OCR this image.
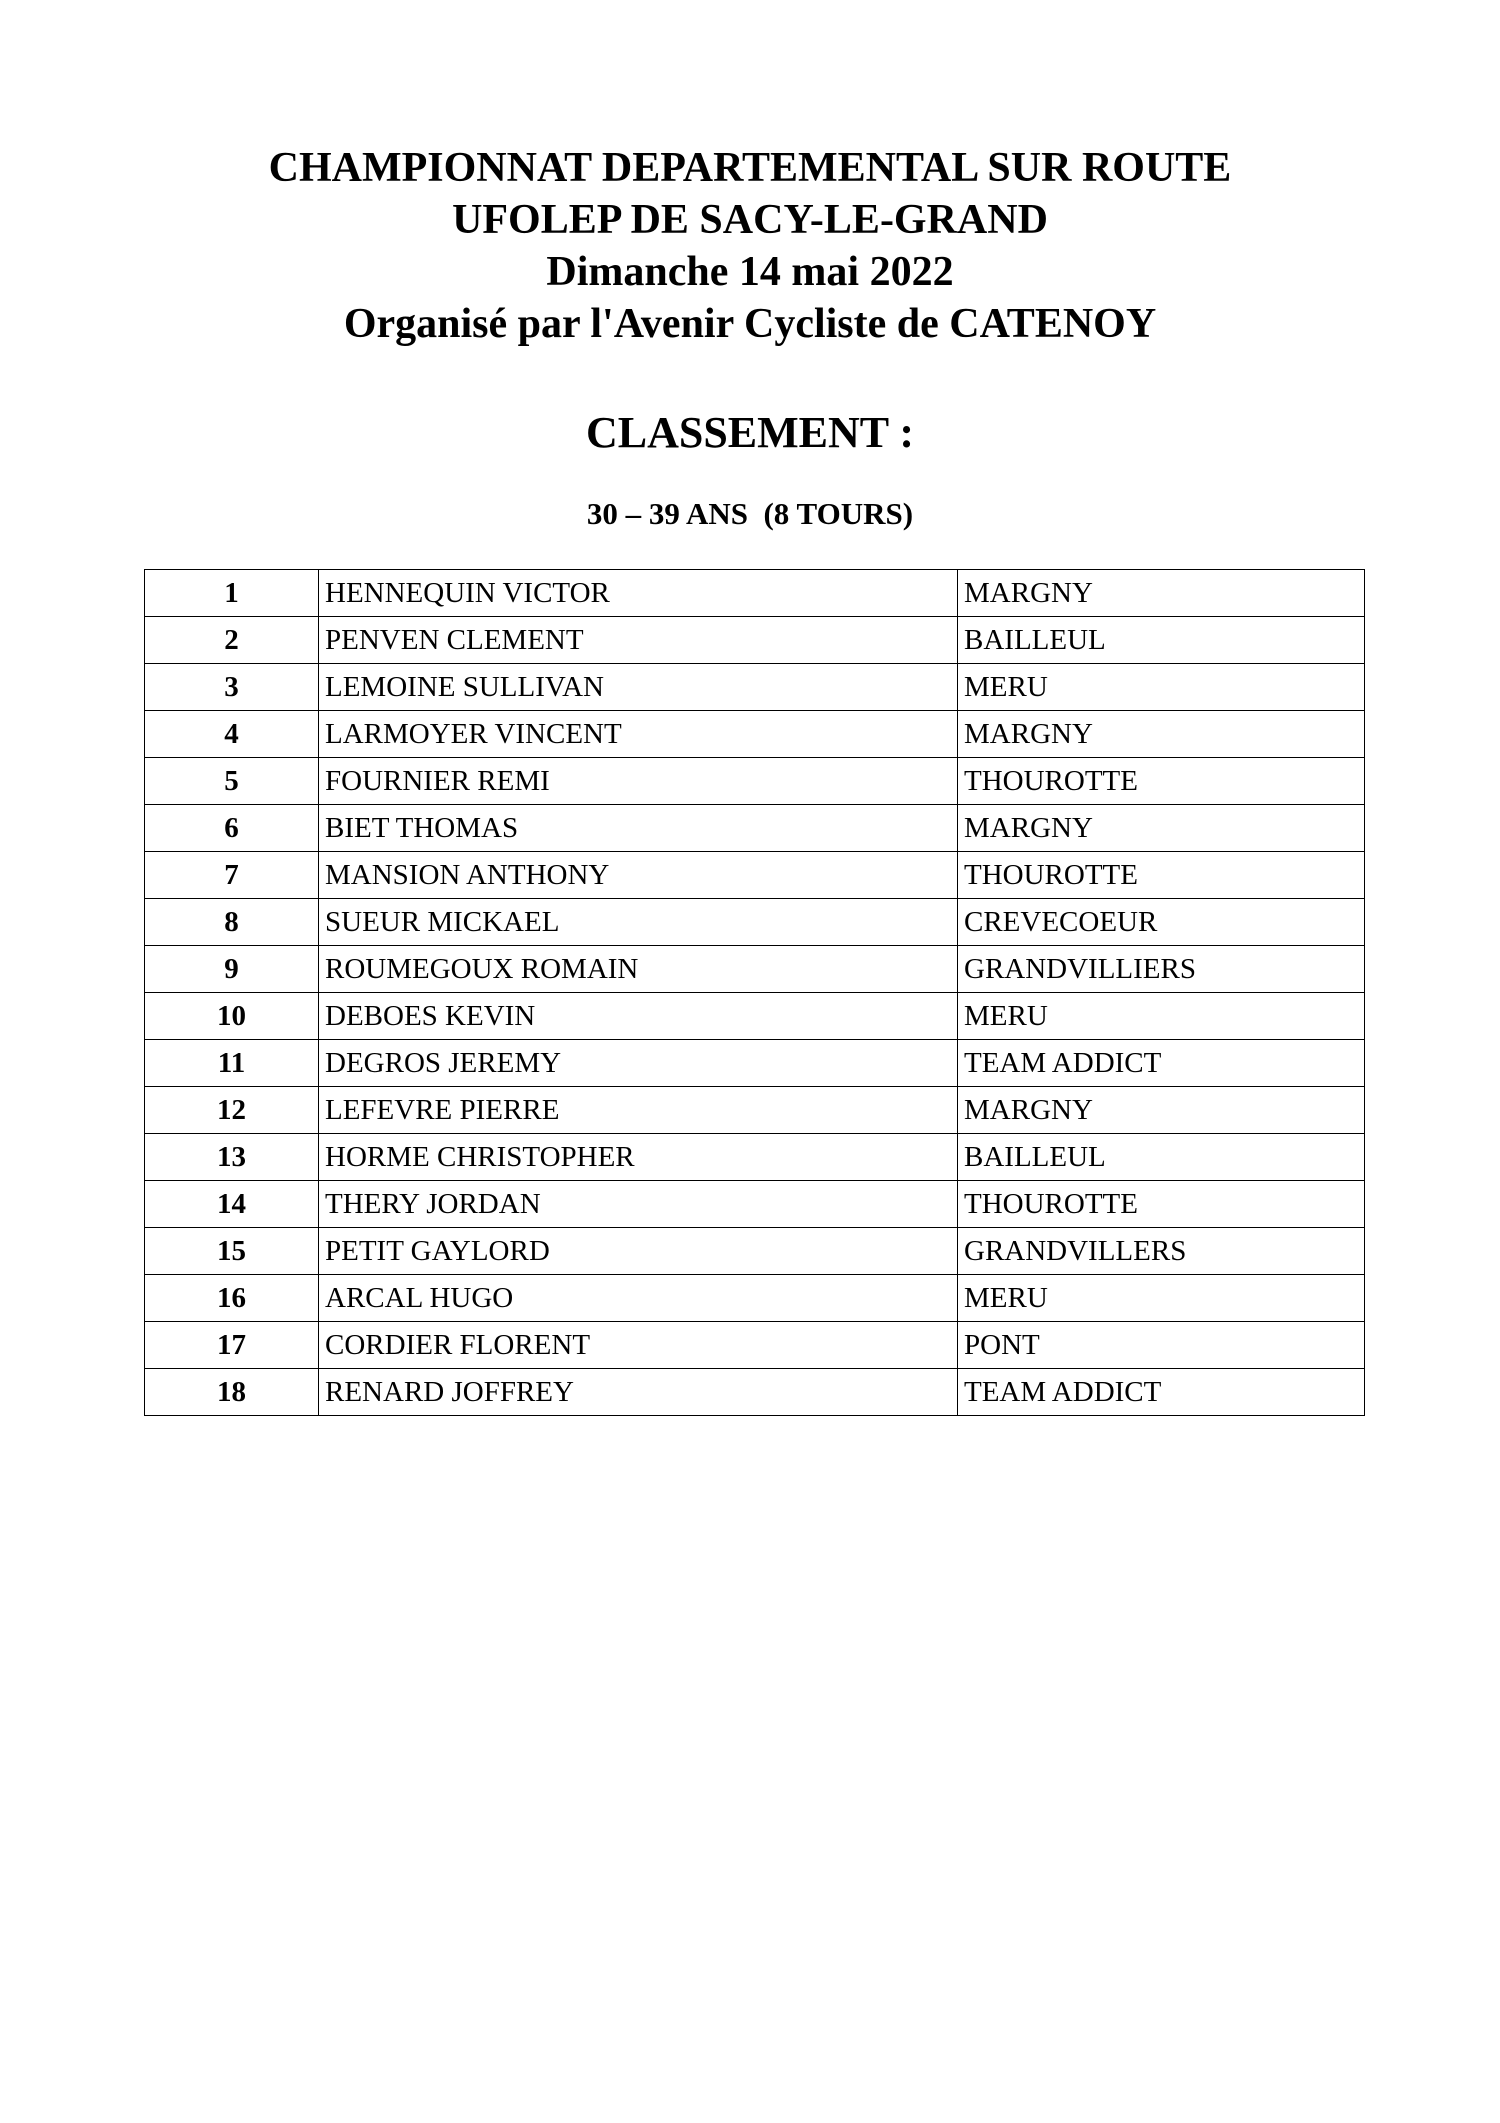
CHAMPIONNAT DEPARTEMENTAL SUR ROUTE
UFOLEP DE SACY-LE-GRAND
Dimanche 14 mai 2022
Organisé par l'Avenir Cycliste de CATENOY
CLASSEMENT :
30 – 39 ANS  (8 TOURS)
1	HENNEQUIN VICTOR	MARGNY
2	PENVEN CLEMENT	BAILLEUL
3	LEMOINE SULLIVAN	MERU
4	LARMOYER VINCENT	MARGNY
5	FOURNIER REMI	THOUROTTE
6	BIET THOMAS	MARGNY
7	MANSION ANTHONY	THOUROTTE
8	SUEUR MICKAEL	CREVECOEUR
9	ROUMEGOUX ROMAIN	GRANDVILLIERS
10	DEBOES KEVIN	MERU
11	DEGROS JEREMY	TEAM ADDICT
12	LEFEVRE PIERRE	MARGNY
13	HORME CHRISTOPHER	BAILLEUL
14	THERY JORDAN	THOUROTTE
15	PETIT GAYLORD	GRANDVILLERS
16	ARCAL HUGO	MERU
17	CORDIER FLORENT	PONT
18	RENARD JOFFREY	TEAM ADDICT
